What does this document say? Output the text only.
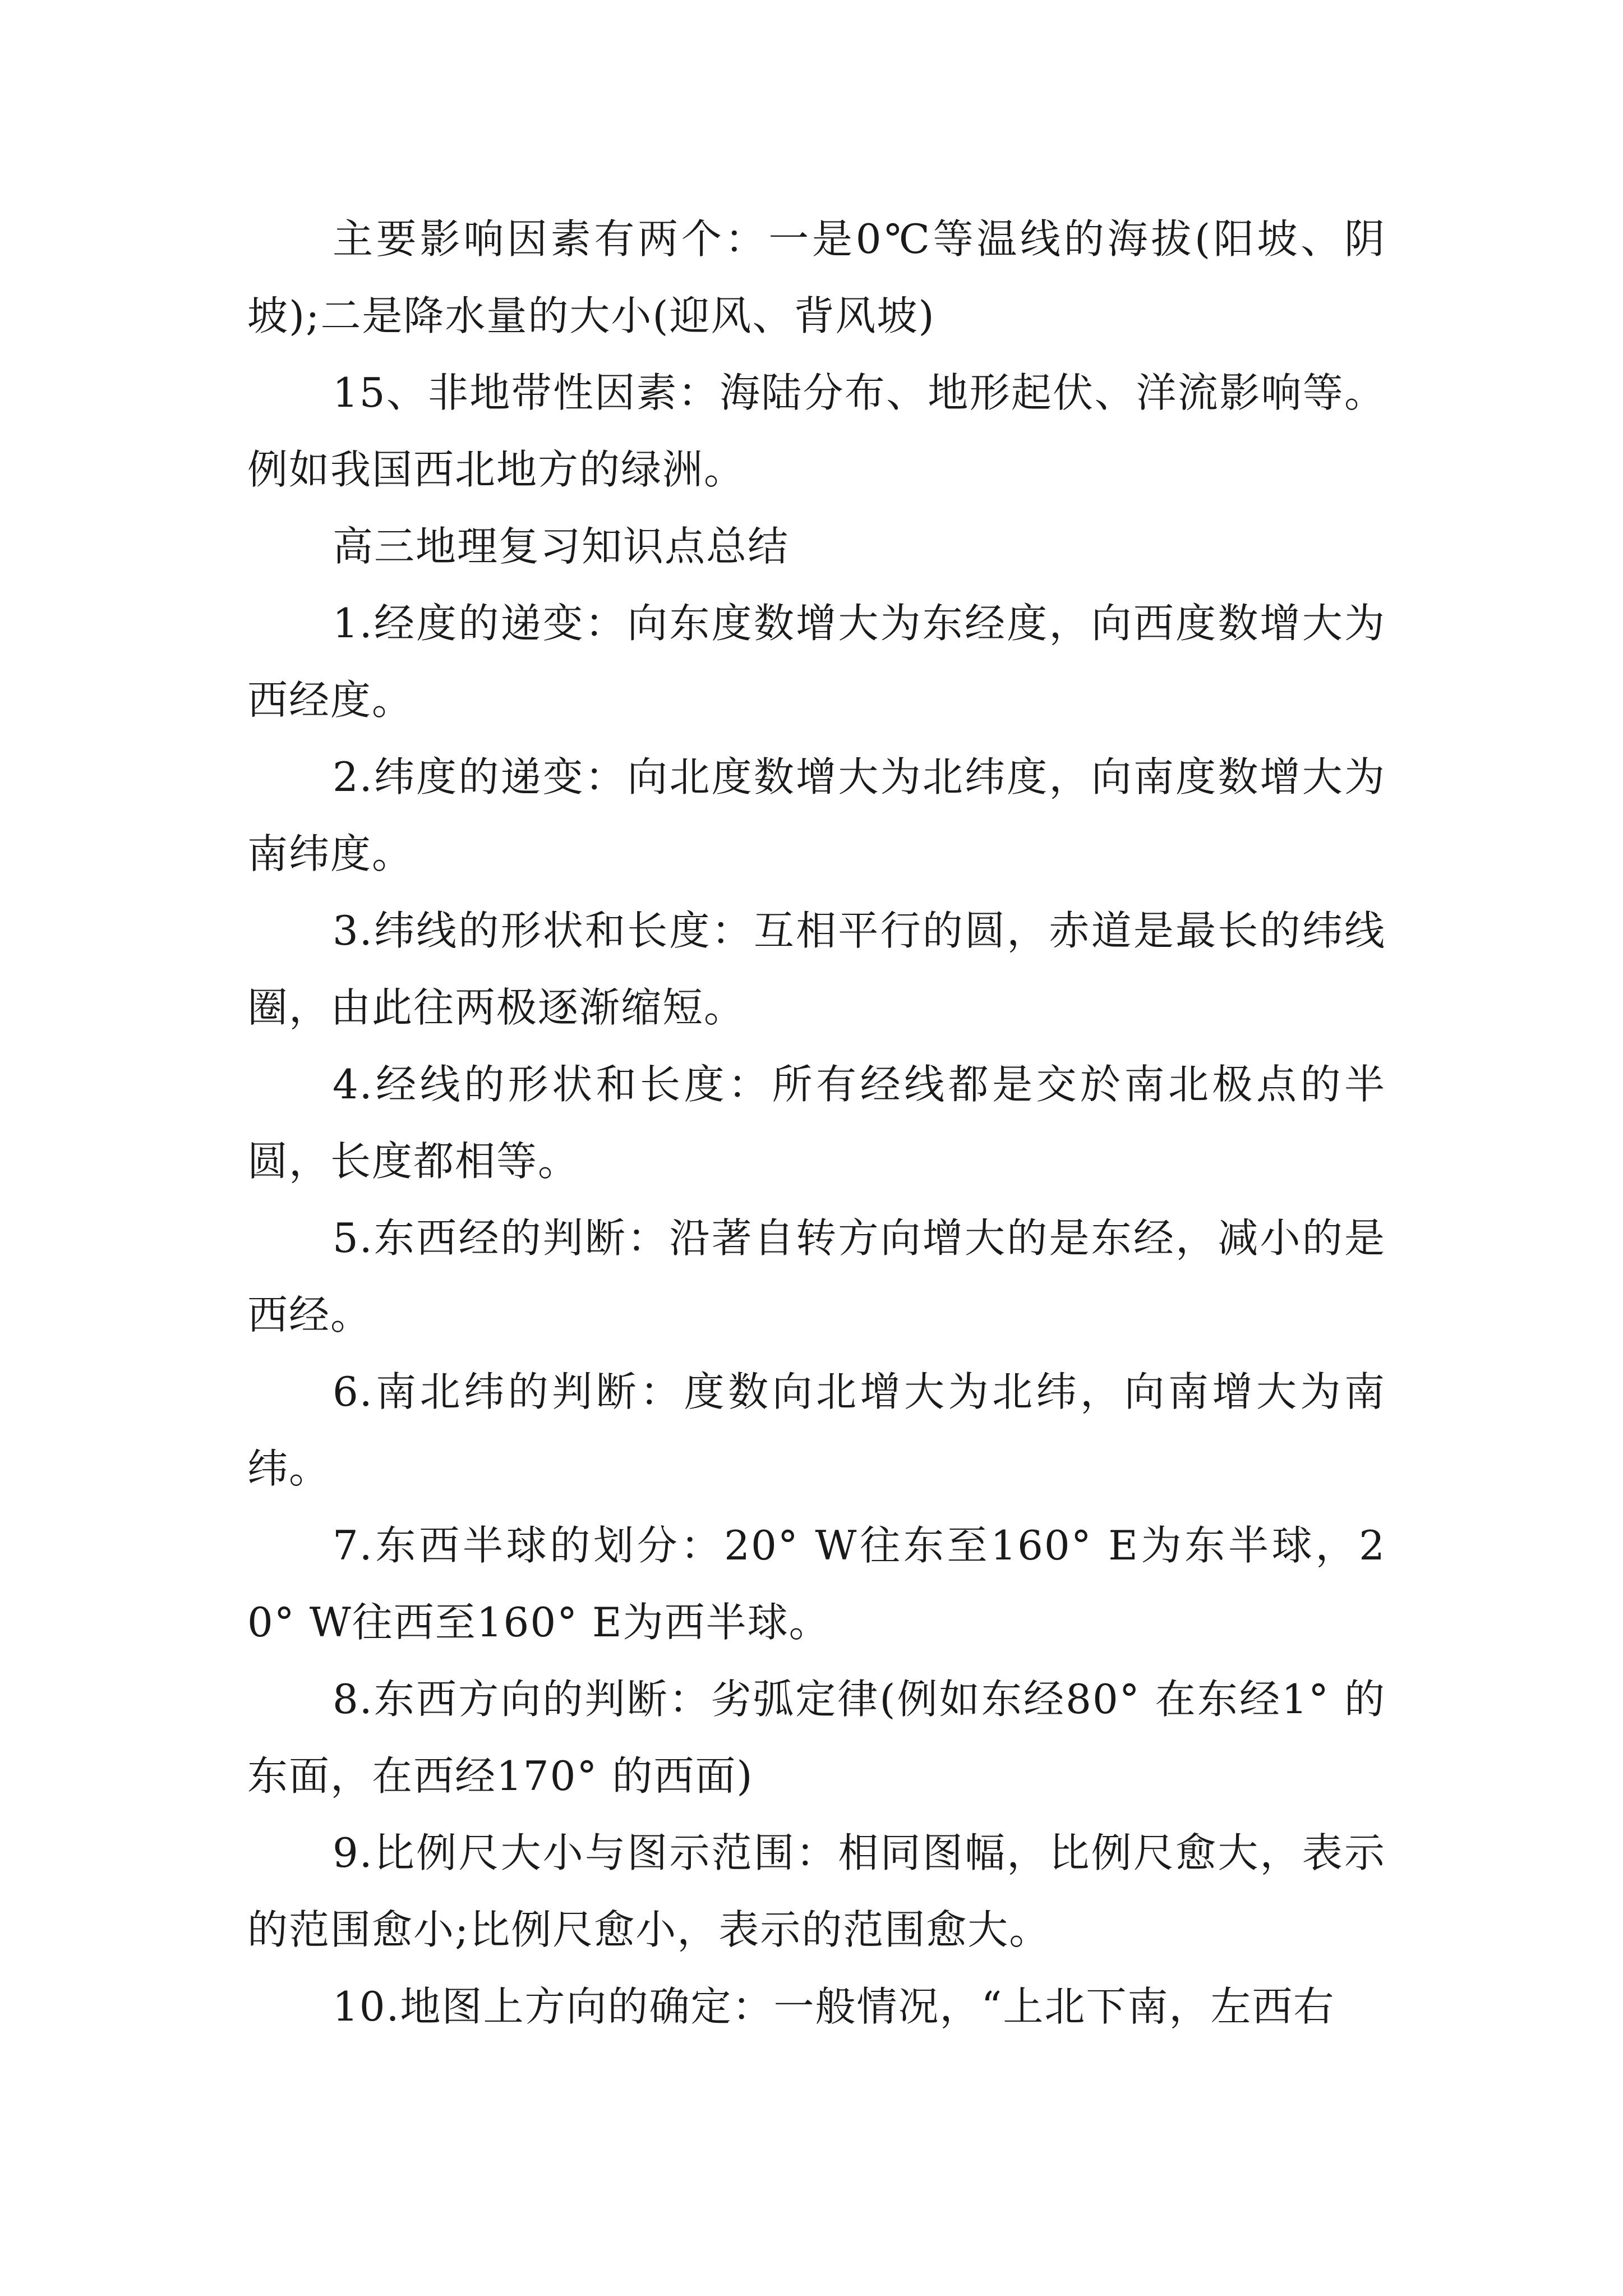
主要影响因素有两个：一是0℃等温线的海拔(阳坡、阴坡);二是降水量的大小(迎风、背风坡)

15、非地带性因素：海陆分布、地形起伏、洋流影响等。例如我国西北地方的绿洲。

高三地理复习知识点总结

1.经度的递变：向东度数增大为东经度，向西度数增大为西经度。

2.纬度的递变：向北度数增大为北纬度，向南度数增大为南纬度。

3.纬线的形状和长度：互相平行的圆，赤道是最长的纬线圈，由此往两极逐渐缩短。

4.经线的形状和长度：所有经线都是交於南北极点的半圆，长度都相等。

5.东西经的判断：沿著自转方向增大的是东经，减小的是西经。

6.南北纬的判断：度数向北增大为北纬，向南增大为南纬。

7.东西半球的划分：20° W往东至160° E为东半球，20° W往西至160° E为西半球。

8.东西方向的判断：劣弧定律(例如东经80° 在东经1° 的东面，在西经170° 的西面)

9.比例尺大小与图示范围：相同图幅，比例尺愈大，表示的范围愈小;比例尺愈小，表示的范围愈大。

10.地图上方向的确定：一般情况，“上北下南，左西右
